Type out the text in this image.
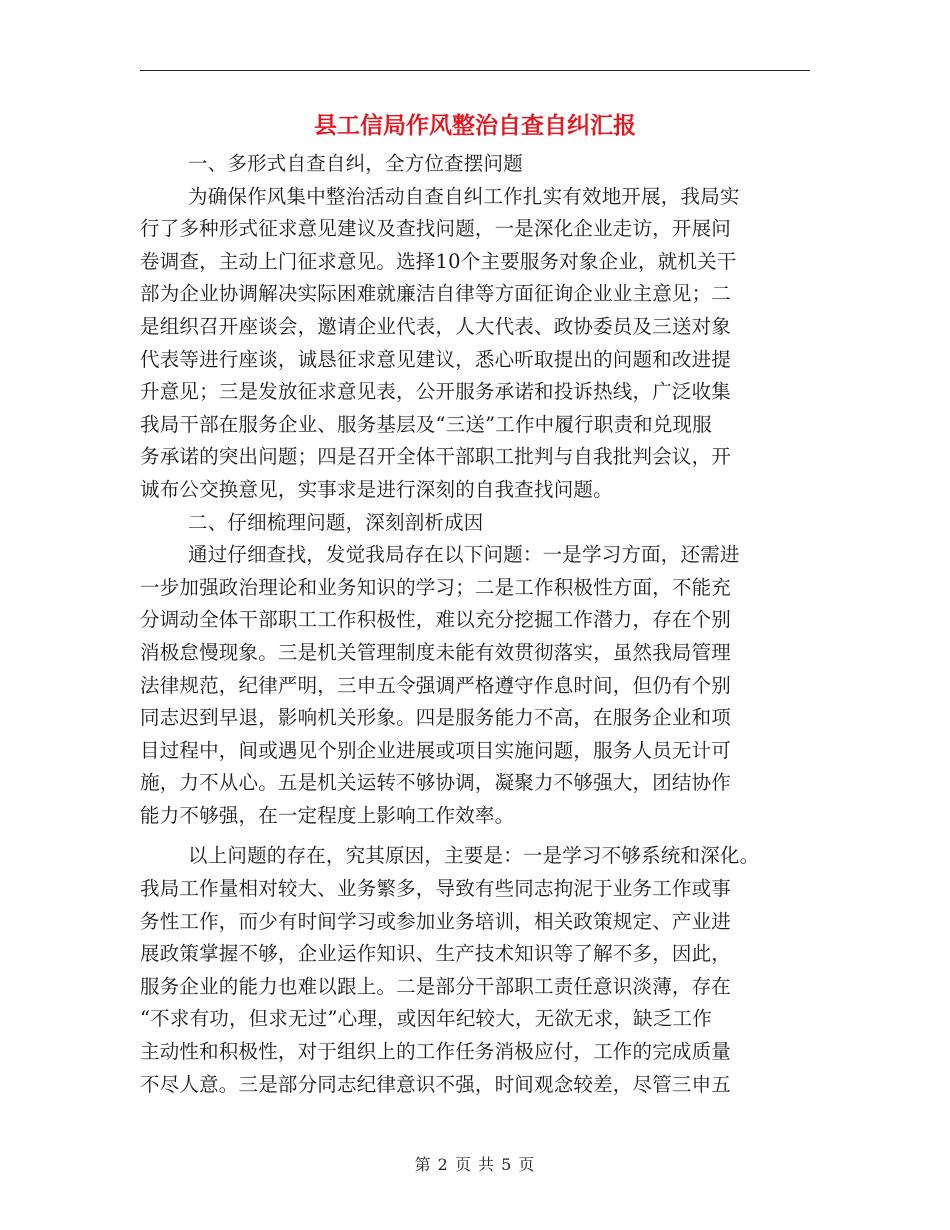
县工信局作风整治自查自纠汇报
一、多形式自查自纠，全方位查摆问题
为确保作风集中整治活动自查自纠工作扎实有效地开展，我局实
行了多种形式征求意见建议及查找问题，一是深化企业走访，开展问
卷调查，主动上门征求意见。选择10个主要服务对象企业，就机关干
部为企业协调解决实际困难就廉洁自律等方面征询企业业主意见；二
是组织召开座谈会，邀请企业代表，人大代表、政协委员及三送对象
代表等进行座谈，诚恳征求意见建议，悉心听取提出的问题和改进提
升意见；三是发放征求意见表，公开服务承诺和投诉热线，广泛收集
我局干部在服务企业、服务基层及“三送”工作中履行职责和兑现服
务承诺的突出问题；四是召开全体干部职工批判与自我批判会议，开
诚布公交换意见，实事求是进行深刻的自我查找问题。
二、仔细梳理问题，深刻剖析成因
通过仔细查找，发觉我局存在以下问题：一是学习方面，还需进
一步加强政治理论和业务知识的学习；二是工作积极性方面，不能充
分调动全体干部职工工作积极性，难以充分挖掘工作潜力，存在个别
消极怠慢现象。三是机关管理制度未能有效贯彻落实，虽然我局管理
法律规范，纪律严明，三申五令强调严格遵守作息时间，但仍有个别
同志迟到早退，影响机关形象。四是服务能力不高，在服务企业和项
目过程中，间或遇见个别企业进展或项目实施问题，服务人员无计可
施，力不从心。五是机关运转不够协调，凝聚力不够强大，团结协作
能力不够强，在一定程度上影响工作效率。
以上问题的存在，究其原因，主要是：一是学习不够系统和深化。
我局工作量相对较大、业务繁多，导致有些同志拘泥于业务工作或事
务性工作，而少有时间学习或参加业务培训，相关政策规定、产业进
展政策掌握不够，企业运作知识、生产技术知识等了解不多，因此，
服务企业的能力也难以跟上。二是部分干部职工责任意识淡薄，存在
“不求有功，但求无过”心理，或因年纪较大，无欲无求，缺乏工作
主动性和积极性，对于组织上的工作任务消极应付，工作的完成质量
不尽人意。三是部分同志纪律意识不强，时间观念较差，尽管三申五
第 2 页 共 5 页
